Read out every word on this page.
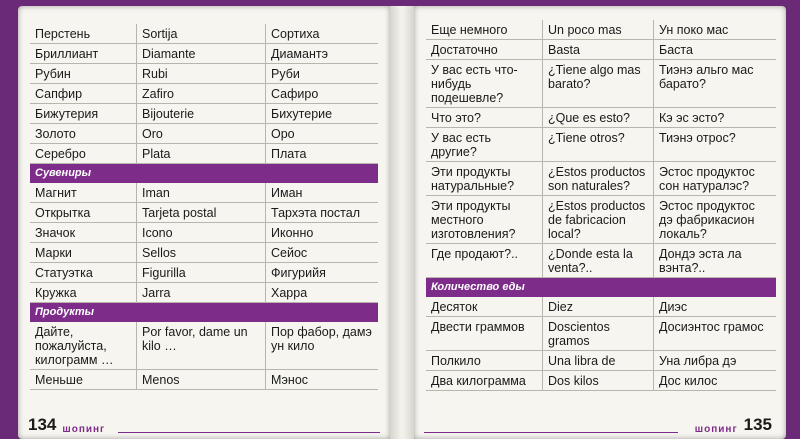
Перстень	Sortija	Сортиха
Бриллиант	Diamante	Диамантэ
Рубин	Rubi	Руби
Сапфир	Zafiro	Сафиро
Бижутерия	Bijouterie	Бихутерие
Золото	Oro	Оро
Серебро	Plata	Плата
Сувениры		
Магнит	Iman	Иман
Открытка	Tarjeta postal	Тархэта постал
Значок	Icono	Иконно
Марки	Sellos	Сейос
Статуэтка	Figurilla	Фигурийя
Кружка	Jarra	Харра
Продукты		
Дайте, пожалуйста, килограмм …	Por favor, dame un kilo …	Пор фабор, дамэ ун кило
Меньше	Menos	Мэнос
134 шопинг
Еще немного	Un poco mas	Ун поко мас
Достаточно	Basta	Баста
У вас есть что-нибудь подешевле?	¿Tiene algo mas barato?	Тиэнэ альго мас барато?
Что это?	¿Que es esto?	Кэ эс эсто?
У вас есть другие?	¿Tiene otros?	Тиэнэ отрос?
Эти продукты натуральные?	¿Estos productos son naturales?	Эстос продуктос сон натуралэс?
Эти продукты местного изготовления?	¿Estos productos de fabricacion local?	Эстос продуктос дэ фабрикасион локаль?
Где продают?..	¿Donde esta la venta?..	Дондэ эста ла вэнта?..
Количество еды		
Десяток	Diez	Диэс
Двести граммов	Doscientos gramos	Досиэнтос грамос
Полкило	Una libra de	Уна либра дэ
Два килограмма	Dos kilos	Дос килос
шопинг 135
